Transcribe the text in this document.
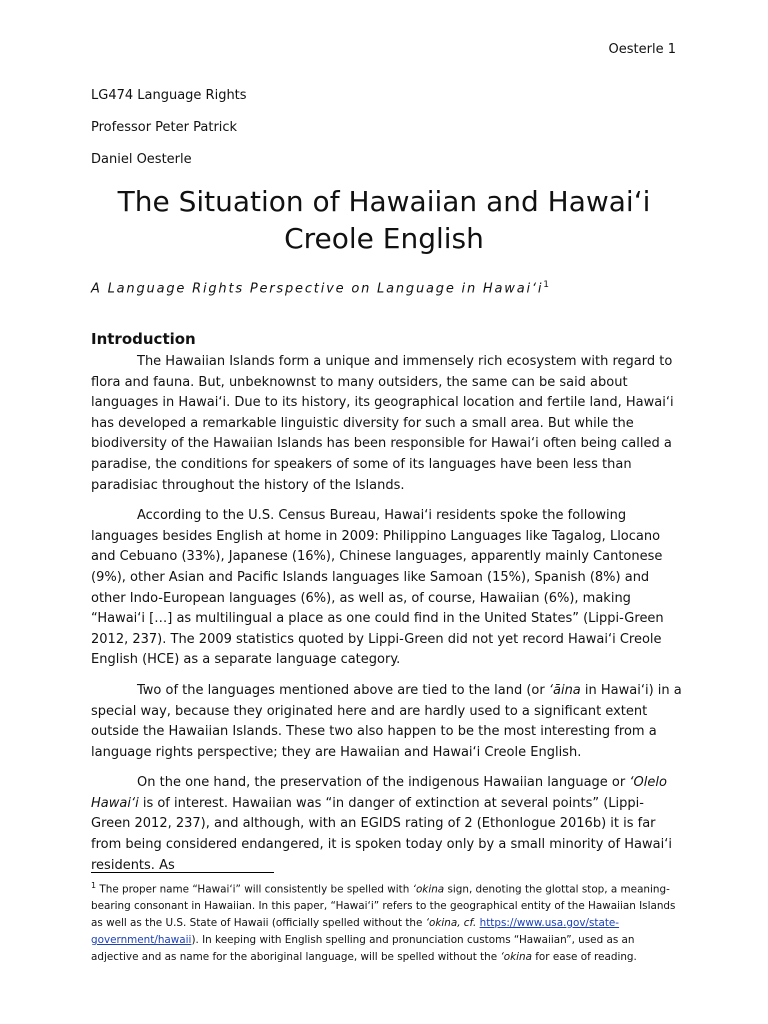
Oesterle 1
LG474 Language Rights
Professor Peter Patrick
Daniel Oesterle
The Situation of Hawaiian and Hawai‘i
Creole English
A Language Rights Perspective on Language in $Hawai‘i^1$
Introduction

The Hawaiian Islands form a unique and immensely rich ecosystem with regard to flora and fauna. But, unbeknownst to many outsiders, the same can be said about languages in Hawai‘i. Due to its history, its geographical location and fertile land, Hawai‘i has developed a remarkable linguistic diversity for such a small area. But while the biodiversity of the Hawaiian Islands has been responsible for Hawai‘i often being called a paradise, the conditions for speakers of some of its languages have been less than paradisiac throughout the history of the Islands.

According to the U.S. Census Bureau, Hawai‘i residents spoke the following languages besides English at home in 2009: Philippino Languages like Tagalog, Llocano and Cebuano (33%), Japanese (16%), Chinese languages, apparently mainly Cantonese (9%), other Asian and Pacific Islands languages like Samoan (15%), Spanish (8%) and other Indo-European languages (6%), as well as, of course, Hawaiian (6%), making “Hawai‘i […] as multilingual a place as one could find in the United States” (Lippi-Green 2012, 237). The 2009 statistics quoted by Lippi-Green did not yet record Hawai‘i Creole English (HCE) as a separate language category.

Two of the languages mentioned above are tied to the land (or ‘āina in Hawai‘i) in a special way, because they originated here and are hardly used to a significant extent outside the Hawaiian Islands. These two also happen to be the most interesting from a language rights perspective; they are Hawaiian and Hawai‘i Creole English.

On the one hand, the preservation of the indigenous Hawaiian language or ‘Olelo Hawai‘i is of interest. Hawaiian was “in danger of extinction at several points” (Lippi-Green 2012, 237), and although, with an EGIDS rating of 2 (Ethonlogue 2016b) it is far from being considered endangered, it is spoken today only by a small minority of Hawai‘i residents. As

$^1$ The proper name “Hawai‘i” will consistently be spelled with ‘okina sign, denoting the glottal stop, a meaning-bearing consonant in Hawaiian. In this paper, “Hawai‘i” refers to the geographical entity of the Hawaiian Islands as well as the U.S. State of Hawaii (officially spelled without the ‘okina, cf. https://www.usa.gov/state-government/hawaii). In keeping with English spelling and pronunciation customs “Hawaiian”, used as an adjective and as name for the aboriginal language, will be spelled without the ‘okina for ease of reading.
